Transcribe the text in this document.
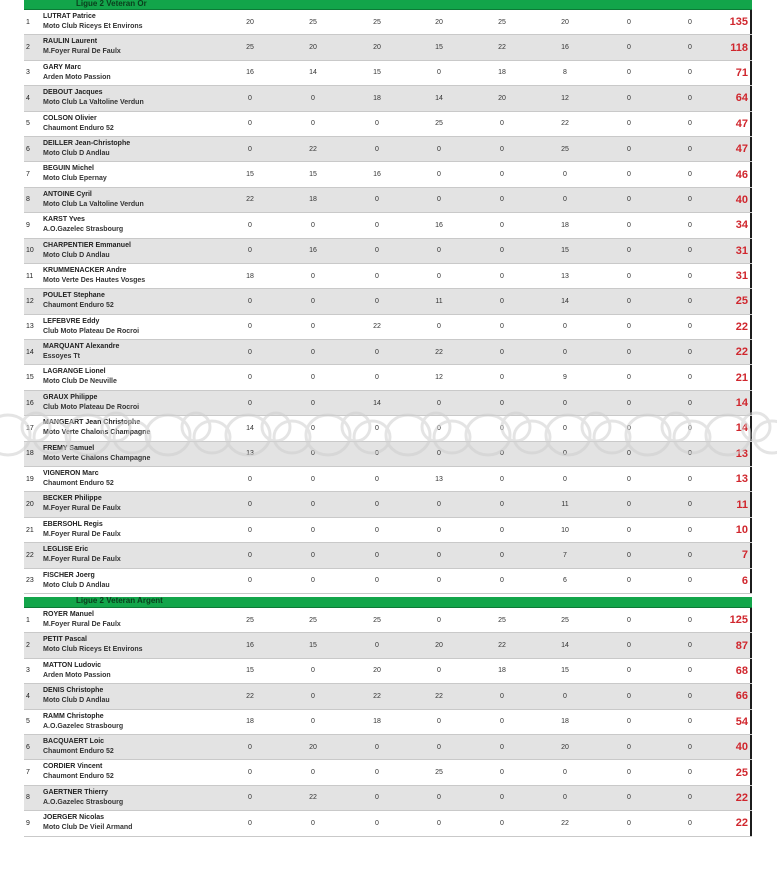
Ligue 2 Veteran Or
1
LUTRAT Patrice
Moto Club Riceys Et Environs
20	25	25	20	25	20	0	0	135
2
RAULIN Laurent
M.Foyer Rural De Faulx
25	20	20	15	22	16	0	0	118
3
GARY Marc
Arden Moto Passion
16	14	15	0	18	8	0	0	71
4
DEBOUT Jacques
Moto Club La Valtoline Verdun
0	0	18	14	20	12	0	0	64
5
COLSON Olivier
Chaumont Enduro 52
0	0	0	25	0	22	0	0	47
6
DEILLER Jean-Christophe
Moto Club D Andlau
0	22	0	0	0	25	0	0	47
7
BEGUIN Michel
Moto Club Epernay
15	15	16	0	0	0	0	0	46
8
ANTOINE Cyril
Moto Club La Valtoline Verdun
22	18	0	0	0	0	0	0	40
9
KARST Yves
A.O.Gazelec Strasbourg
0	0	0	16	0	18	0	0	34
10
CHARPENTIER Emmanuel
Moto Club D Andlau
0	16	0	0	0	15	0	0	31
11
KRUMMENACKER Andre
Moto Verte Des Hautes Vosges
18	0	0	0	0	13	0	0	31
12
POULET Stephane
Chaumont Enduro 52
0	0	0	11	0	14	0	0	25
13
LEFEBVRE Eddy
Club Moto Plateau De Rocroi
0	0	22	0	0	0	0	0	22
14
MARQUANT Alexandre
Essoyes Tt
0	0	0	22	0	0	0	0	22
15
LAGRANGE Lionel
Moto Club De Neuville
0	0	0	12	0	9	0	0	21
16
GRAUX Philippe
Club Moto Plateau De Rocroi
0	0	14	0	0	0	0	0	14
17
MANGEART Jean Christophe
Moto Verte Chalons Champagne
14	0	0	0	0	0	0	0	14
18
FREMY Samuel
Moto Verte Chalons Champagne
13	0	0	0	0	0	0	0	13
19
VIGNERON Marc
Chaumont Enduro 52
0	0	0	13	0	0	0	0	13
20
BECKER Philippe
M.Foyer Rural De Faulx
0	0	0	0	0	11	0	0	11
21
EBERSOHL Regis
M.Foyer Rural De Faulx
0	0	0	0	0	10	0	0	10
22
LEGLISE Eric
M.Foyer Rural De Faulx
0	0	0	0	0	7	0	0	7
23
FISCHER Joerg
Moto Club D Andlau
0	0	0	0	0	6	0	0	6
Ligue 2 Veteran Argent
1
ROYER Manuel
M.Foyer Rural De Faulx
25	25	25	0	25	25	0	0	125
2
PETIT Pascal
Moto Club Riceys Et Environs
16	15	0	20	22	14	0	0	87
3
MATTON Ludovic
Arden Moto Passion
15	0	20	0	18	15	0	0	68
4
DENIS Christophe
Moto Club D Andlau
22	0	22	22	0	0	0	0	66
5
RAMM Christophe
A.O.Gazelec Strasbourg
18	0	18	0	0	18	0	0	54
6
BACQUAERT Loic
Chaumont Enduro 52
0	20	0	0	0	20	0	0	40
7
CORDIER Vincent
Chaumont Enduro 52
0	0	0	25	0	0	0	0	25
8
GAERTNER Thierry
A.O.Gazelec Strasbourg
0	22	0	0	0	0	0	0	22
9
JOERGER Nicolas
Moto Club De Vieil Armand
0	0	0	0	0	22	0	0	22
